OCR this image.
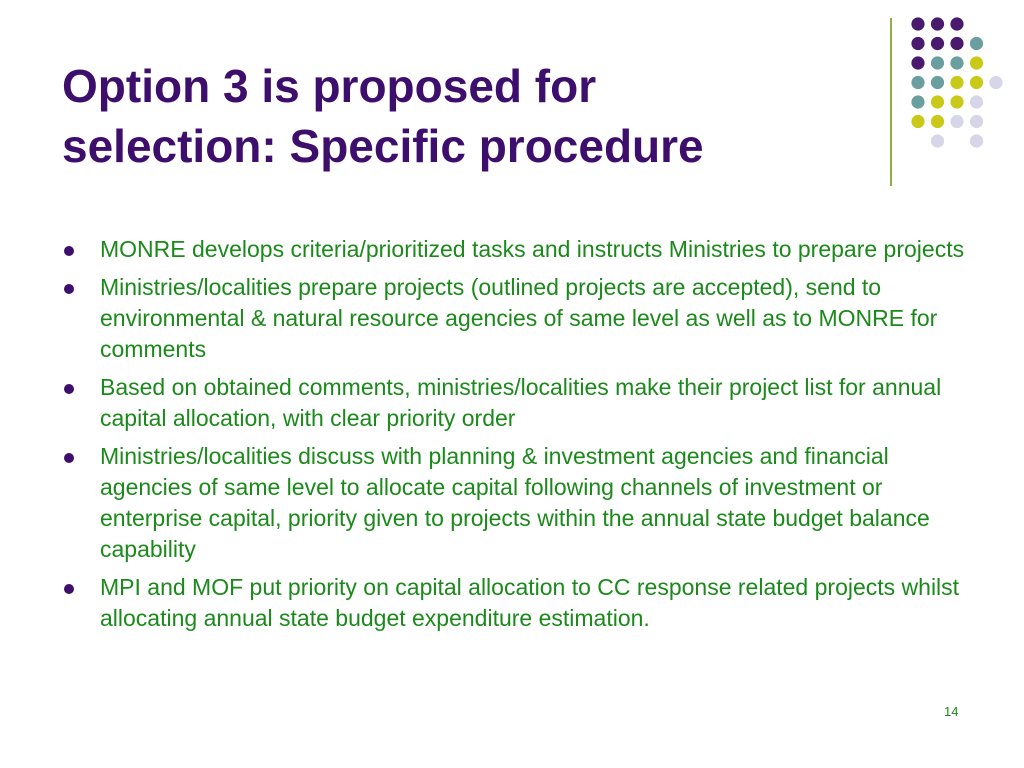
Option 3 is proposed for
selection: Specific procedure
MONRE develops criteria/prioritized tasks and instructs Ministries to prepare projects
Ministries/localities prepare projects (outlined projects are accepted), send to environmental & natural resource agencies of same level as well as to MONRE for comments
Based on obtained comments, ministries/localities make their project list for annual capital allocation, with clear priority order
Ministries/localities discuss with planning & investment agencies and financial agencies of same level to allocate capital following channels of investment or enterprise capital, priority given to projects within the annual state budget balance capability
MPI and MOF put priority on capital allocation to CC response related projects whilst allocating annual state budget expenditure estimation.
14
